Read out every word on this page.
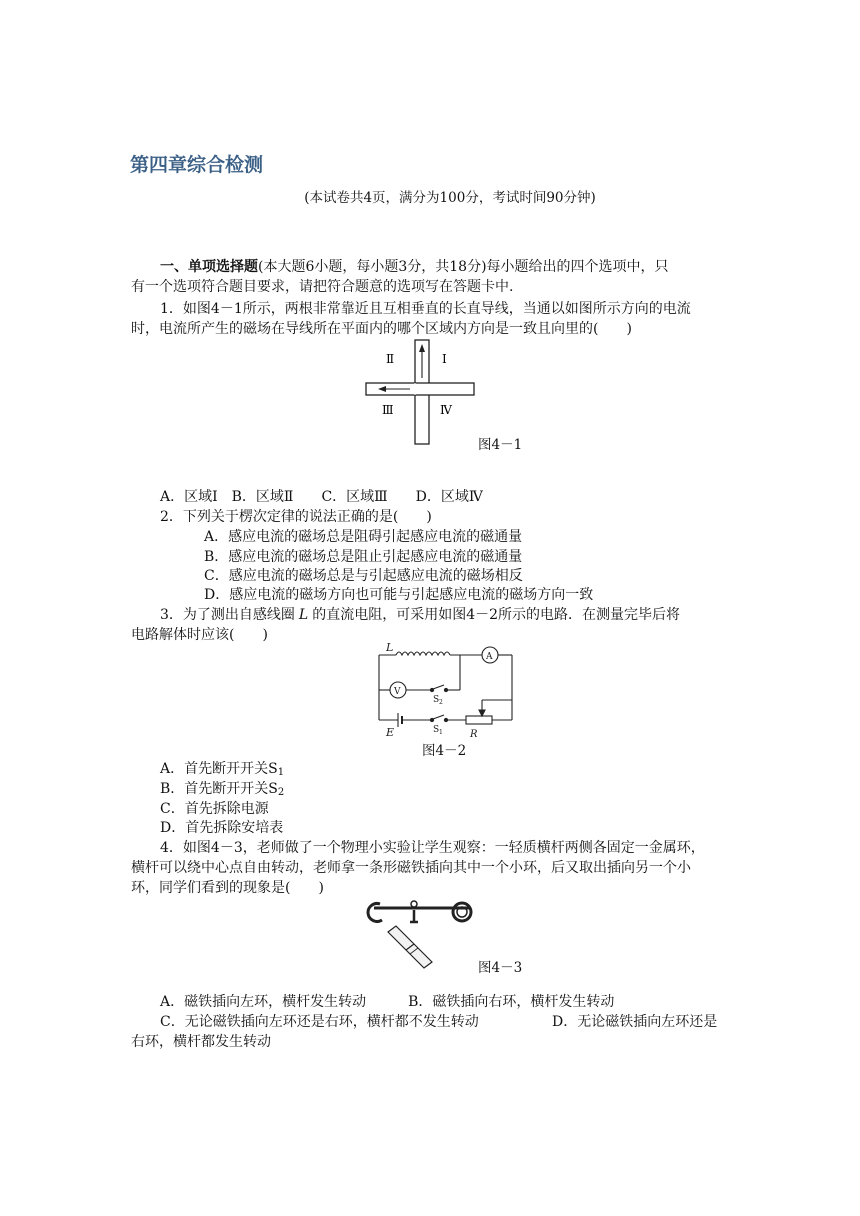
第四章综合检测
(本试卷共4页，满分为100分，考试时间90分钟)
一、单项选择题(本大题6小题，每小题3分，共18分)每小题给出的四个选项中，只
有一个选项符合题目要求，请把符合题意的选项写在答题卡中.
1．如图4－1所示，两根非常靠近且互相垂直的长直导线，当通以如图所示方向的电流
时，电流所产生的磁场在导线所在平面内的哪个区域内方向是一致且向里的(　　)
Ⅱ	Ⅰ
Ⅲ	Ⅳ
图4－1
A．区域Ⅰ　B．区域Ⅱ　　C．区域Ⅲ　　D．区域Ⅳ
2．下列关于楞次定律的说法正确的是(　　)
A．感应电流的磁场总是阻碍引起感应电流的磁通量
B．感应电流的磁场总是阻止引起感应电流的磁通量
C．感应电流的磁场总是与引起感应电流的磁场相反
D．感应电流的磁场方向也可能与引起感应电流的磁场方向一致
3．为了测出自感线圈 L 的直流电阻，可采用如图4－2所示的电路．在测量完毕后将
电路解体时应该(　　)
L
A
V
S 2
S 1
E	R
图4－2
A．首先断开开关$S_1$
B．首先断开开关$S_2$
C．首先拆除电源
D．首先拆除安培表
4．如图4－3，老师做了一个物理小实验让学生观察：一轻质横杆两侧各固定一金属环，
横杆可以绕中心点自由转动，老师拿一条形磁铁插向其中一个小环，后又取出插向另一个小
环，同学们看到的现象是(　　)
图4－3
A．磁铁插向左环，横杆发生转动　　　B．磁铁插向右环，横杆发生转动
C．无论磁铁插向左环还是右环，横杆都不发生转动	D．无论磁铁插向左环还是
右环，横杆都发生转动
